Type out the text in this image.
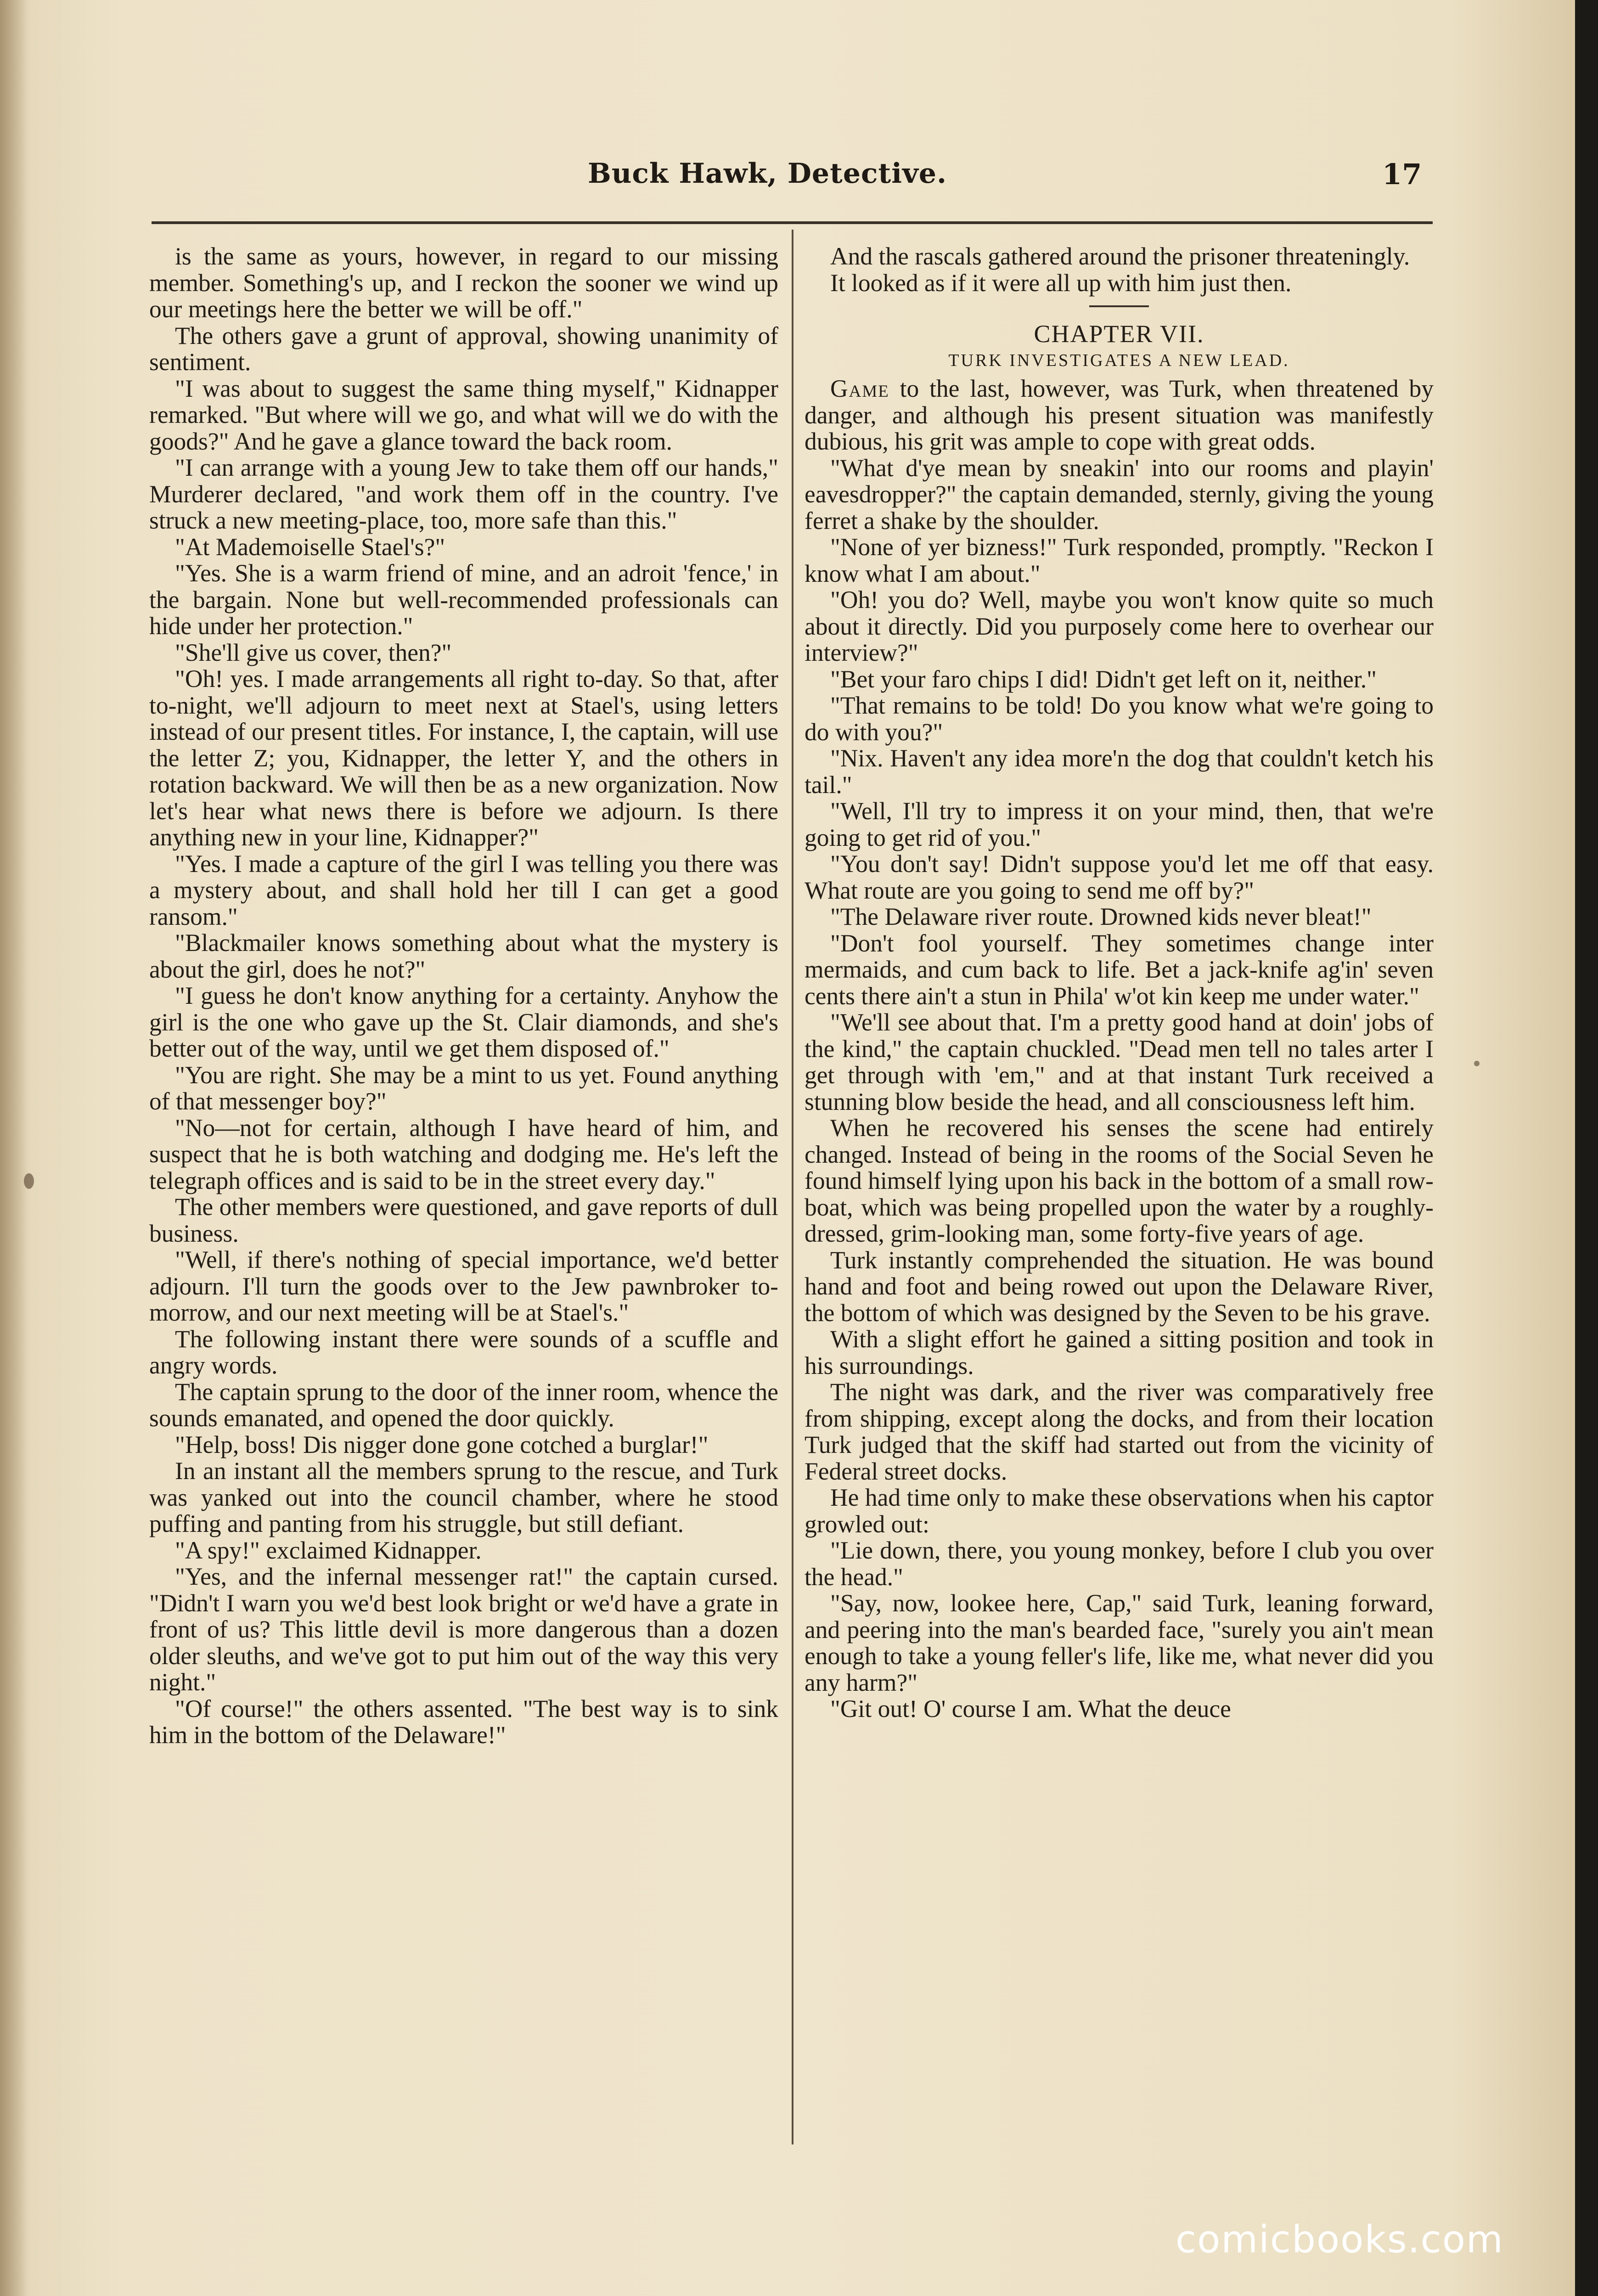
Buck Hawk, Detective.	17

is the same as yours, however, in regard to our missing member. Something's up, and I reckon the sooner we wind up our meetings here the better we will be off."

The others gave a grunt of approval, showing unanimity of sentiment.

"I was about to suggest the same thing myself," Kidnapper remarked. "But where will we go, and what will we do with the goods?" And he gave a glance toward the back room.

"I can arrange with a young Jew to take them off our hands," Murderer declared, "and work them off in the country. I've struck a new meeting-place, too, more safe than this."

"At Mademoiselle Stael's?"

"Yes. She is a warm friend of mine, and an adroit 'fence,' in the bargain. None but well-recommended professionals can hide under her protection."

"She'll give us cover, then?"

"Oh! yes. I made arrangements all right to-day. So that, after to-night, we'll adjourn to meet next at Stael's, using letters instead of our present titles. For instance, I, the captain, will use the letter Z; you, Kidnapper, the letter Y, and the others in rotation backward. We will then be as a new organization. Now let's hear what news there is before we adjourn. Is there anything new in your line, Kidnapper?"

"Yes. I made a capture of the girl I was telling you there was a mystery about, and shall hold her till I can get a good ransom."

"Blackmailer knows something about what the mystery is about the girl, does he not?"

"I guess he don't know anything for a certainty. Anyhow the girl is the one who gave up the St. Clair diamonds, and she's better out of the way, until we get them disposed of."

"You are right. She may be a mint to us yet. Found anything of that messenger boy?"

"No—not for certain, although I have heard of him, and suspect that he is both watching and dodging me. He's left the telegraph offices and is said to be in the street every day."

The other members were questioned, and gave reports of dull business.

"Well, if there's nothing of special importance, we'd better adjourn. I'll turn the goods over to the Jew pawnbroker to-morrow, and our next meeting will be at Stael's."

The following instant there were sounds of a scuffle and angry words.

The captain sprung to the door of the inner room, whence the sounds emanated, and opened the door quickly.

"Help, boss! Dis nigger done gone cotched a burglar!"

In an instant all the members sprung to the rescue, and Turk was yanked out into the council chamber, where he stood puffing and panting from his struggle, but still defiant.

"A spy!" exclaimed Kidnapper.

"Yes, and the infernal messenger rat!" the captain cursed. "Didn't I warn you we'd best look bright or we'd have a grate in front of us? This little devil is more dangerous than a dozen older sleuths, and we've got to put him out of the way this very night."

"Of course!" the others assented. "The best way is to sink him in the bottom of the Delaware!"

And the rascals gathered around the prisoner threateningly.

It looked as if it were all up with him just then.

CHAPTER VII.

TURK INVESTIGATES A NEW LEAD.

Game to the last, however, was Turk, when threatened by danger, and although his present situation was manifestly dubious, his grit was ample to cope with great odds.

"What d'ye mean by sneakin' into our rooms and playin' eavesdropper?" the captain demanded, sternly, giving the young ferret a shake by the shoulder.

"None of yer bizness!" Turk responded, promptly. "Reckon I know what I am about."

"Oh! you do? Well, maybe you won't know quite so much about it directly. Did you purposely come here to overhear our interview?"

"Bet your faro chips I did! Didn't get left on it, neither."

"That remains to be told! Do you know what we're going to do with you?"

"Nix. Haven't any idea more'n the dog that couldn't ketch his tail."

"Well, I'll try to impress it on your mind, then, that we're going to get rid of you."

"You don't say! Didn't suppose you'd let me off that easy. What route are you going to send me off by?"

"The Delaware river route. Drowned kids never bleat!"

"Don't fool yourself. They sometimes change inter mermaids, and cum back to life. Bet a jack-knife ag'in' seven cents there ain't a stun in Phila' w'ot kin keep me under water."

"We'll see about that. I'm a pretty good hand at doin' jobs of the kind," the captain chuckled. "Dead men tell no tales arter I get through with 'em," and at that instant Turk received a stunning blow beside the head, and all consciousness left him.

When he recovered his senses the scene had entirely changed. Instead of being in the rooms of the Social Seven he found himself lying upon his back in the bottom of a small row-boat, which was being propelled upon the water by a roughly-dressed, grim-looking man, some forty-five years of age.

Turk instantly comprehended the situation. He was bound hand and foot and being rowed out upon the Delaware River, the bottom of which was designed by the Seven to be his grave.

With a slight effort he gained a sitting position and took in his surroundings.

The night was dark, and the river was comparatively free from shipping, except along the docks, and from their location Turk judged that the skiff had started out from the vicinity of Federal street docks.

He had time only to make these observations when his captor growled out:

"Lie down, there, you young monkey, before I club you over the head."

"Say, now, lookee here, Cap," said Turk, leaning forward, and peering into the man's bearded face, "surely you ain't mean enough to take a young feller's life, like me, what never did you any harm?"

"Git out! O' course I am. What the deuce

comicbooks.com
